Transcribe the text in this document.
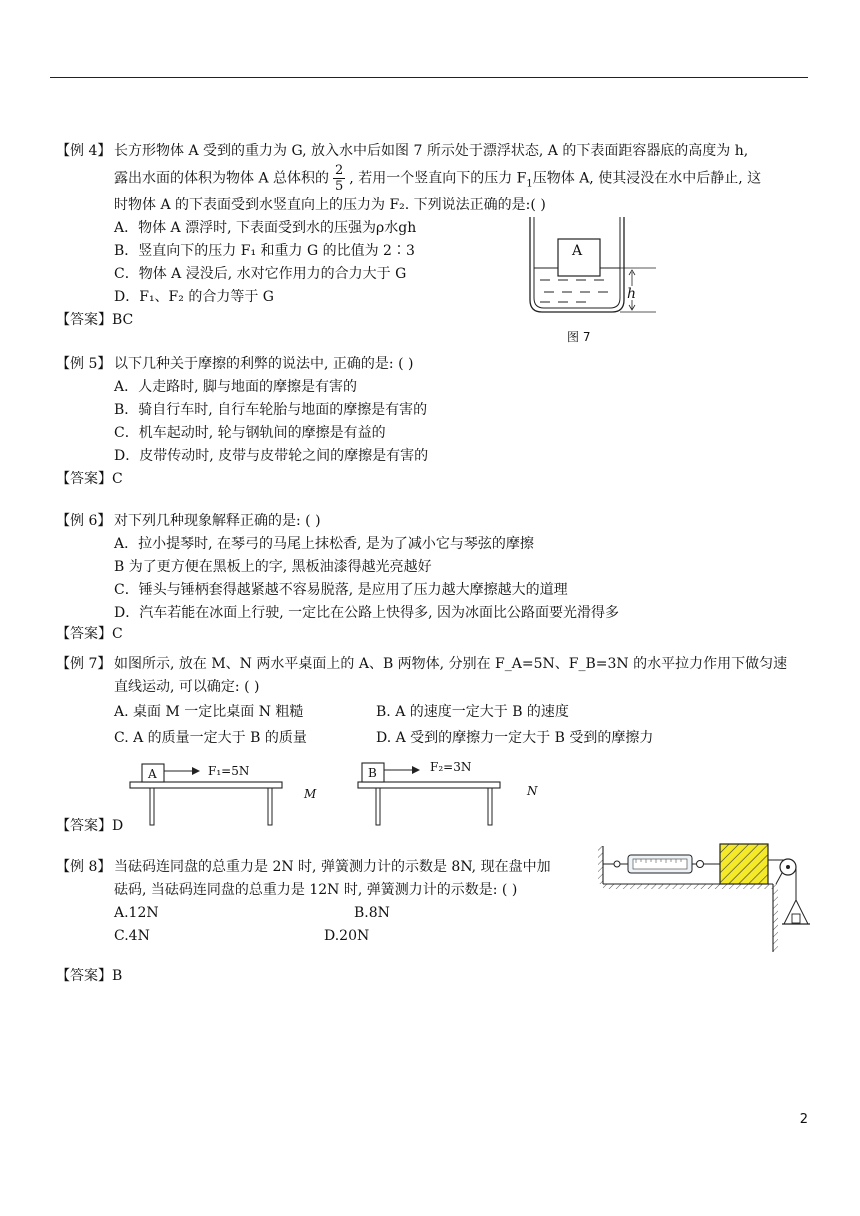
【例 4】 长方形物体 A 受到的重力为 G, 放入水中后如图 7 所示处于漂浮状态, A 的下表面距容器底的高度为 h,
露出水面的体积为物体 A 总体积的 $\frac{2}{5}$ , 若用一个竖直向下的压力 $F_1$压物体 A, 使其浸没在水中后静止, 这
时物体 A 的下表面受到水竖直向上的压力为 F₂. 下列说法正确的是:( )
A．物体 A 漂浮时, 下表面受到水的压强为ρ水gh
B．竖直向下的压力 F₁ 和重力 G 的比值为 2∶3
C．物体 A 浸没后, 水对它作用力的合力大于 G
D．F₁、F₂ 的合力等于 G
【答案】BC
A
h
图 7
【例 5】 以下几种关于摩擦的利弊的说法中, 正确的是: ( )
A．人走路时, 脚与地面的摩擦是有害的
B．骑自行车时, 自行车轮胎与地面的摩擦是有害的
C．机车起动时, 轮与钢轨间的摩擦是有益的
D．皮带传动时, 皮带与皮带轮之间的摩擦是有害的
【答案】C
【例 6】 对下列几种现象解释正确的是: ( )
A．拉小提琴时, 在琴弓的马尾上抹松香, 是为了减小它与琴弦的摩擦
B 为了更方便在黑板上的字, 黑板油漆得越光亮越好
C．锤头与锤柄套得越紧越不容易脱落, 是应用了压力越大摩擦越大的道理
D．汽车若能在冰面上行驶, 一定比在公路上快得多, 因为冰面比公路面要光滑得多
【答案】C
【例 7】 如图所示, 放在 M、N 两水平桌面上的 A、B 两物体, 分别在 F_A=5N、F_B=3N 的水平拉力作用下做匀速
直线运动, 可以确定: ( )
A. 桌面 M 一定比桌面 N 粗糙	B. A 的速度一定大于 B 的速度
C. A 的质量一定大于 B 的质量	D. A 受到的摩擦力一定大于 B 受到的摩擦力
A	B
F₁=5N	F₂=3N
M	N
【答案】D
【例 8】 当砝码连同盘的总重力是 2N 时, 弹簧测力计的示数是 8N, 现在盘中加
砝码, 当砝码连同盘的总重力是 12N 时, 弹簧测力计的示数是: ( )
A.12N	B.8N
C.4N	D.20N
【答案】B
2
